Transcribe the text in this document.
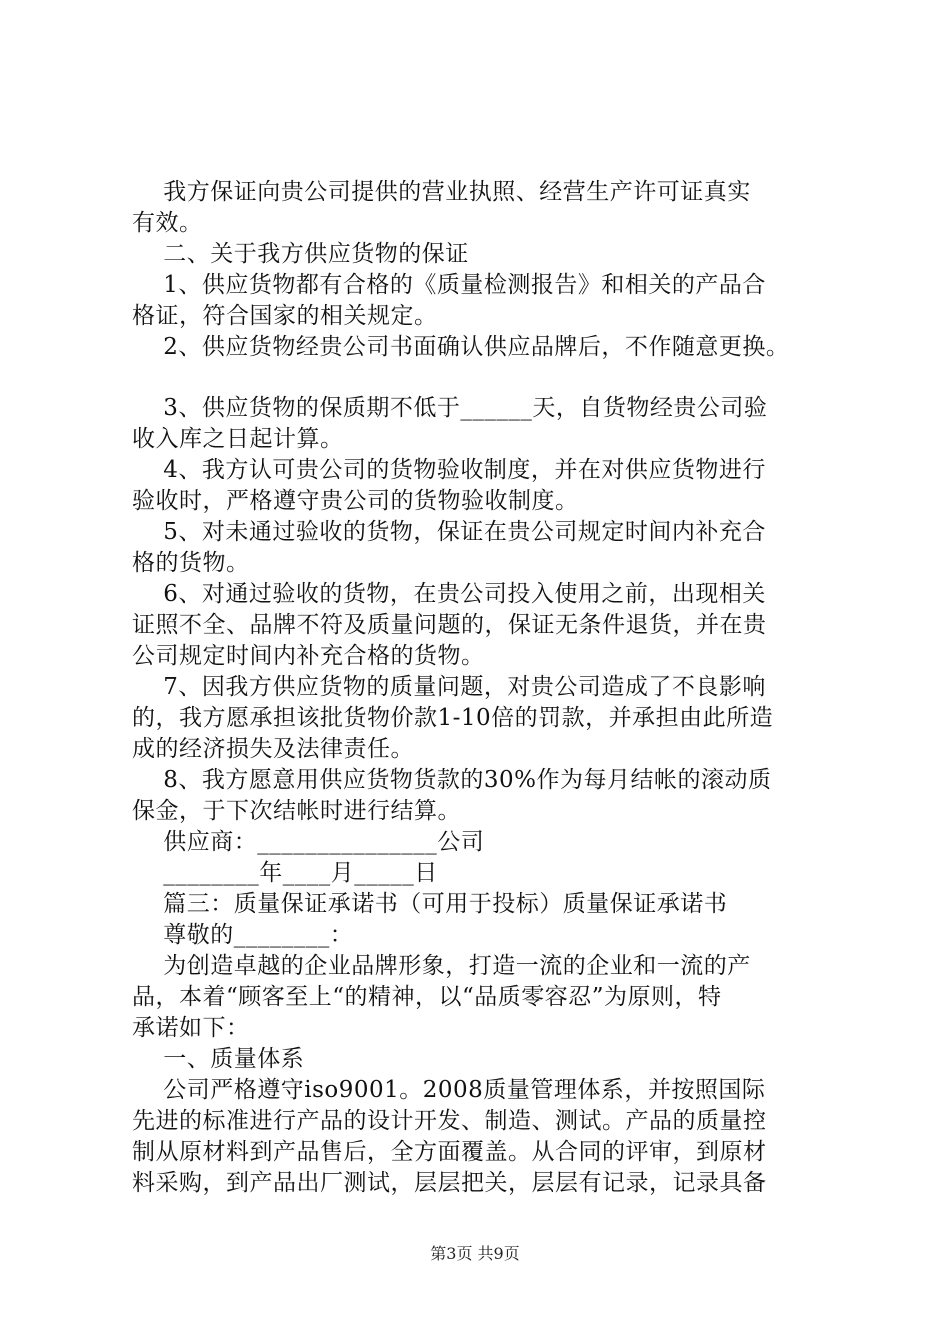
我方保证向贵公司提供的营业执照、经营生产许可证真实
有效。
二、关于我方供应货物的保证
1、供应货物都有合格的《质量检测报告》和相关的产品合
格证，符合国家的相关规定。
2、供应货物经贵公司书面确认供应品牌后，不作随意更换。
3、供应货物的保质期不低于______天，自货物经贵公司验
收入库之日起计算。
4、我方认可贵公司的货物验收制度，并在对供应货物进行
验收时，严格遵守贵公司的货物验收制度。
5、对未通过验收的货物，保证在贵公司规定时间内补充合
格的货物。
6、对通过验收的货物，在贵公司投入使用之前，出现相关
证照不全、品牌不符及质量问题的，保证无条件退货，并在贵
公司规定时间内补充合格的货物。
7、因我方供应货物的质量问题，对贵公司造成了不良影响
的，我方愿承担该批货物价款1-10倍的罚款，并承担由此所造
成的经济损失及法律责任。
8、我方愿意用供应货物货款的30%作为每月结帐的滚动质
保金，于下次结帐时进行结算。
供应商：_______________公司
________年____月_____日
篇三：质量保证承诺书（可用于投标）质量保证承诺书
尊敬的________：
为创造卓越的企业品牌形象，打造一流的企业和一流的产
品，本着“顾客至上“的精神，以“品质零容忍”为原则，特
承诺如下：
一、质量体系
公司严格遵守iso9001。2008质量管理体系，并按照国际
先进的标准进行产品的设计开发、制造、测试。产品的质量控
制从原材料到产品售后，全方面覆盖。从合同的评审，到原材
料采购，到产品出厂测试，层层把关，层层有记录，记录具备
第3页 共9页
